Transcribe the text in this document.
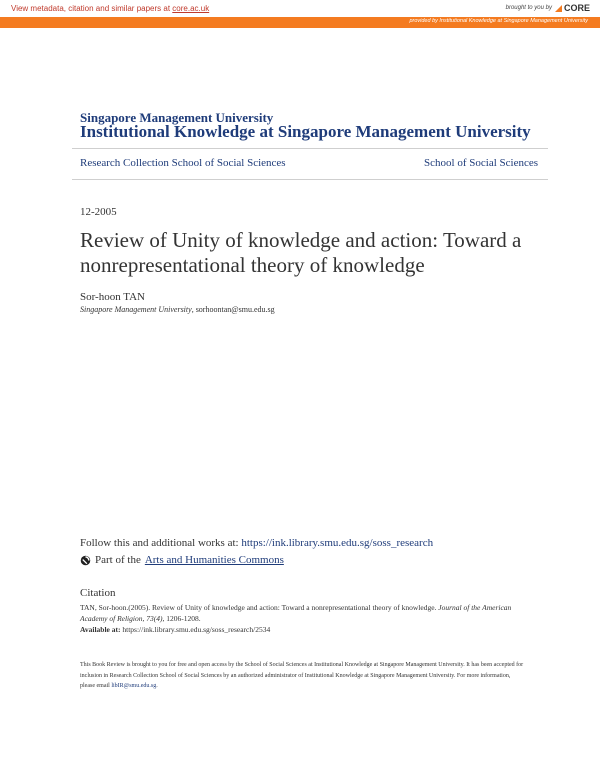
View metadata, citation and similar papers at core.ac.uk	brought to you by CORE
provided by Institutional Knowledge at Singapore Management University
Singapore Management University
Institutional Knowledge at Singapore Management University
Research Collection School of Social Sciences	School of Social Sciences
12-2005
Review of Unity of knowledge and action: Toward a nonrepresentational theory of knowledge
Sor-hoon TAN
Singapore Management University, sorhoontan@smu.edu.sg
Follow this and additional works at: https://ink.library.smu.edu.sg/soss_research
Part of the Arts and Humanities Commons
Citation
TAN, Sor-hoon.(2005). Review of Unity of knowledge and action: Toward a nonrepresentational theory of knowledge. Journal of the American Academy of Religion, 73(4), 1206-1208.
Available at: https://ink.library.smu.edu.sg/soss_research/2534
This Book Review is brought to you for free and open access by the School of Social Sciences at Institutional Knowledge at Singapore Management University. It has been accepted for inclusion in Research Collection School of Social Sciences by an authorized administrator of Institutional Knowledge at Singapore Management University. For more information, please email libIR@smu.edu.sg.
